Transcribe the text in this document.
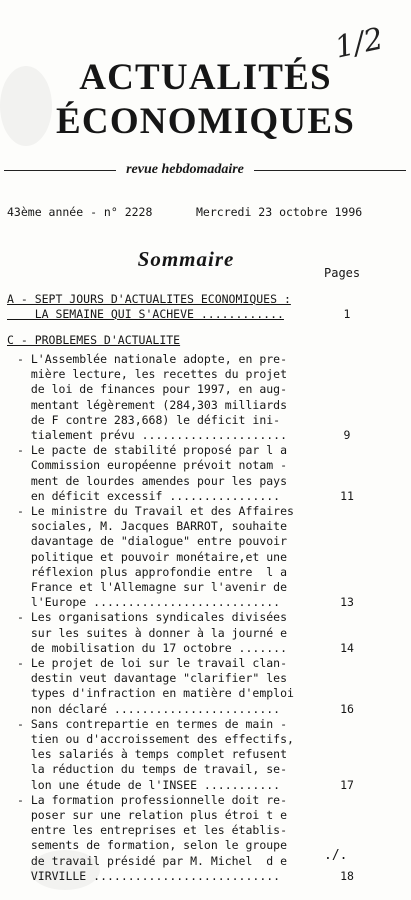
ACTUALITÉS
ÉCONOMIQUES
1/2
revue hebdomadaire
43ème année - n° 2228	Mercredi 23 octobre 1996
Sommaire
Pages
A - SEPT JOURS D'ACTUALITES ECONOMIQUES :
LA SEMAINE QUI S'ACHEVE ............	1
C - PROBLEMES D'ACTUALITE
- L'Assemblée nationale adopte, en pre-
mière lecture, les recettes du projet
de loi de finances pour 1997, en aug-
mentant légèrement (284,303 milliards
de F contre 283,668) le déficit ini-
tialement prévu .....................	9
- Le pacte de stabilité proposé par l a
Commission européenne prévoit notam -
ment de lourdes amendes pour les pays
en déficit excessif ................	11
- Le ministre du Travail et des Affaires
sociales, M. Jacques BARROT, souhaite
davantage de "dialogue" entre pouvoir
politique et pouvoir monétaire,et une
réflexion plus approfondie entre  l a
France et l'Allemagne sur l'avenir de
l'Europe ...........................	13
- Les organisations syndicales divisées
sur les suites à donner à la journé e
de mobilisation du 17 octobre .......	14
- Le projet de loi sur le travail clan-
destin veut davantage "clarifier" les
types d'infraction en matière d'emploi
non déclaré ........................	16
- Sans contrepartie en termes de main -
tien ou d'accroissement des effectifs,
les salariés à temps complet refusent
la réduction du temps de travail, se-
lon une étude de l'INSEE ...........	17
- La formation professionnelle doit re-
poser sur une relation plus étroi t e
entre les entreprises et les établis-
sements de formation, selon le groupe
de travail présidé par M. Michel  d e
VIRVILLE ...........................	18
./.
